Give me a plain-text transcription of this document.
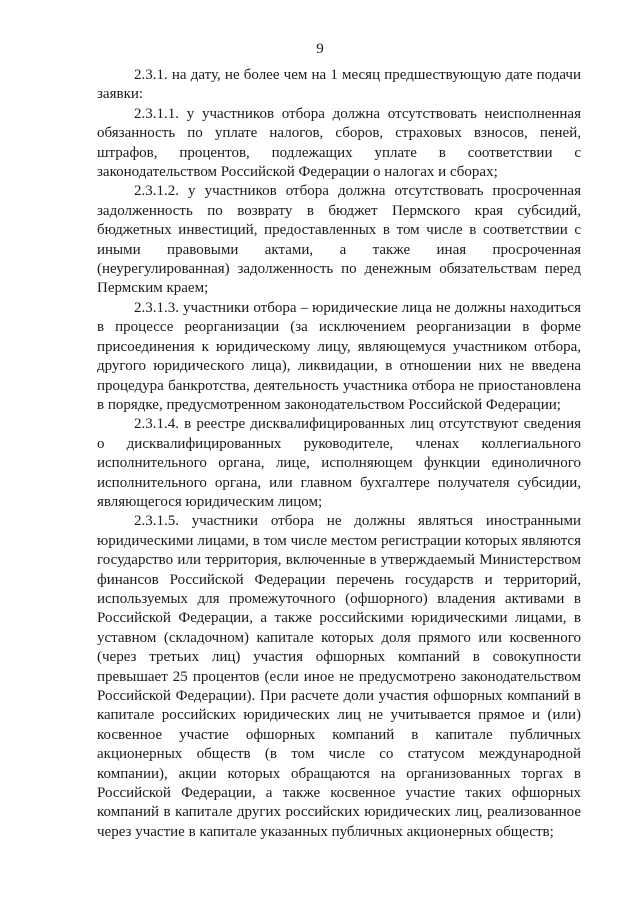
9

2.3.1. на дату, не более чем на 1 месяц предшествующую дате подачи заявки:

2.3.1.1. у участников отбора должна отсутствовать неисполненная обязанность по уплате налогов, сборов, страховых взносов, пеней, штрафов, процентов, подлежащих уплате в соответствии с законодательством Российской Федерации о налогах и сборах;

2.3.1.2. у участников отбора должна отсутствовать просроченная задолженность по возврату в бюджет Пермского края субсидий, бюджетных инвестиций, предоставленных в том числе в соответствии с иными правовыми актами, а также иная просроченная (неурегулированная) задолженность по денежным обязательствам перед Пермским краем;

2.3.1.3. участники отбора – юридические лица не должны находиться в процессе реорганизации (за исключением реорганизации в форме присоединения к юридическому лицу, являющемуся участником отбора, другого юридического лица), ликвидации, в отношении них не введена процедура банкротства, деятельность участника отбора не приостановлена в порядке, предусмотренном законодательством Российской Федерации;

2.3.1.4. в реестре дисквалифицированных лиц отсутствуют сведения о дисквалифицированных руководителе, членах коллегиального исполнительного органа, лице, исполняющем функции единоличного исполнительного органа, или главном бухгалтере получателя субсидии, являющегося юридическим лицом;

2.3.1.5. участники отбора не должны являться иностранными юридическими лицами, в том числе местом регистрации которых являются государство или территория, включенные в утверждаемый Министерством финансов Российской Федерации перечень государств и территорий, используемых для промежуточного (офшорного) владения активами в Российской Федерации, а также российскими юридическими лицами, в уставном (складочном) капитале которых доля прямого или косвенного (через третьих лиц) участия офшорных компаний в совокупности превышает 25 процентов (если иное не предусмотрено законодательством Российской Федерации). При расчете доли участия офшорных компаний в капитале российских юридических лиц не учитывается прямое и (или) косвенное участие офшорных компаний в капитале публичных акционерных обществ (в том числе со статусом международной компании), акции которых обращаются на организованных торгах в Российской Федерации, а также косвенное участие таких офшорных компаний в капитале других российских юридических лиц, реализованное через участие в капитале указанных публичных акционерных обществ;
